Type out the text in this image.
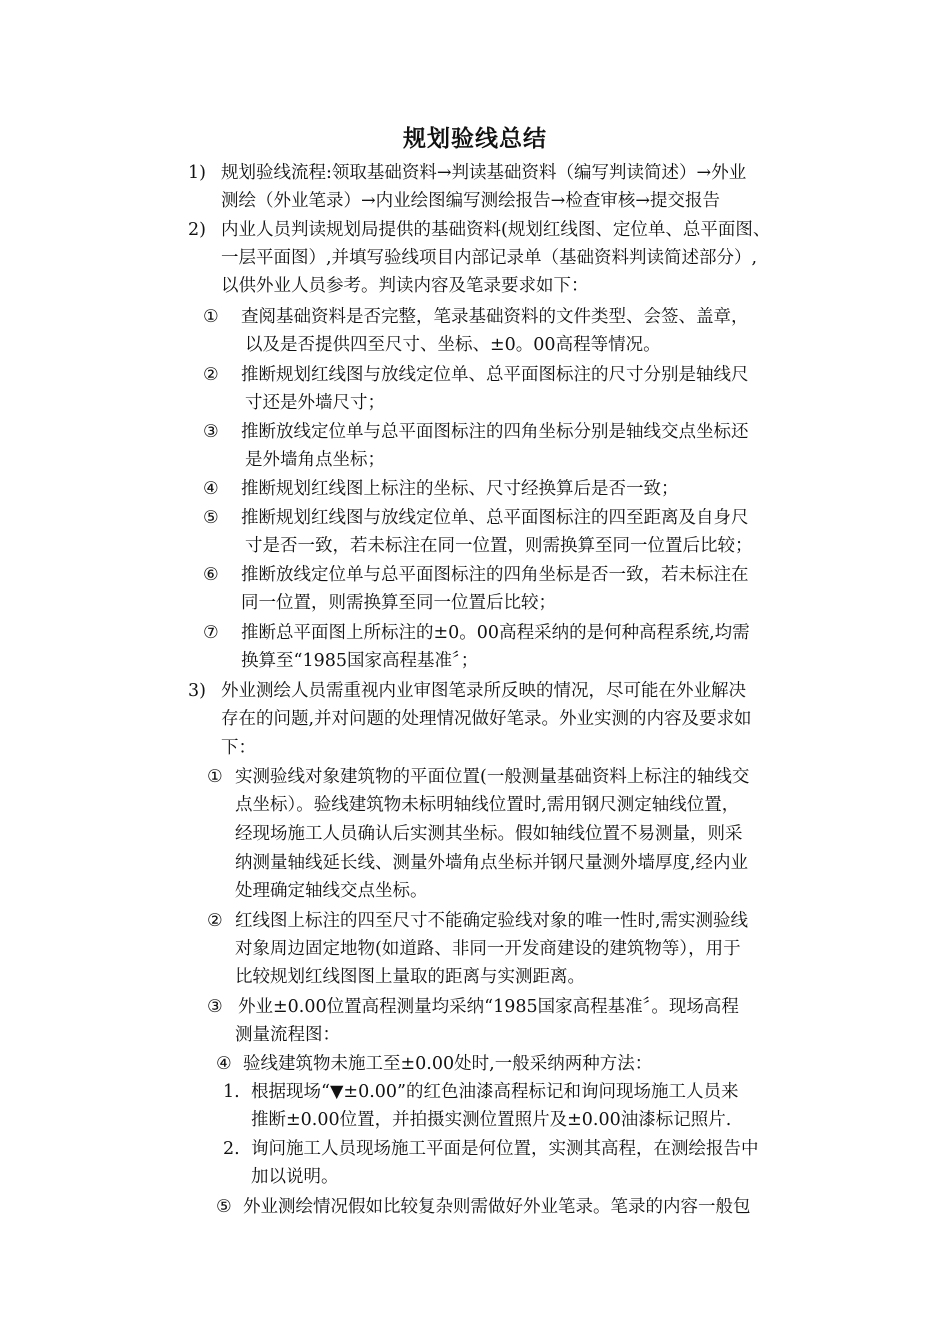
规划验线总结
1) 规划验线流程:领取基础资料→判读基础资料（编写判读简述）→外业
测绘（外业笔录）→内业绘图编写测绘报告→检查审核→提交报告
2) 内业人员判读规划局提供的基础资料(规划红线图、定位单、总平面图、
一层平面图）,并填写验线项目内部记录单（基础资料判读简述部分）,
以供外业人员参考。判读内容及笔录要求如下：
① 查阅基础资料是否完整，笔录基础资料的文件类型、会签、盖章，
以及是否提供四至尺寸、坐标、±0。00高程等情况。
② 推断规划红线图与放线定位单、总平面图标注的尺寸分别是轴线尺
寸还是外墙尺寸；
③ 推断放线定位单与总平面图标注的四角坐标分别是轴线交点坐标还
是外墙角点坐标；
④ 推断规划红线图上标注的坐标、尺寸经换算后是否一致；
⑤ 推断规划红线图与放线定位单、总平面图标注的四至距离及自身尺
寸是否一致，若未标注在同一位置，则需换算至同一位置后比较；
⑥ 推断放线定位单与总平面图标注的四角坐标是否一致，若未标注在
同一位置，则需换算至同一位置后比较；
⑦ 推断总平面图上所标注的±0。00高程采纳的是何种高程系统,均需
换算至“1985国家高程基准〞；
3) 外业测绘人员需重视内业审图笔录所反映的情况，尽可能在外业解决
存在的问题,并对问题的处理情况做好笔录。外业实测的内容及要求如
下：
① 实测验线对象建筑物的平面位置(一般测量基础资料上标注的轴线交
点坐标）。验线建筑物未标明轴线位置时,需用钢尺测定轴线位置，
经现场施工人员确认后实测其坐标。假如轴线位置不易测量，则采
纳测量轴线延长线、测量外墙角点坐标并钢尺量测外墙厚度,经内业
处理确定轴线交点坐标。
② 红线图上标注的四至尺寸不能确定验线对象的唯一性时,需实测验线
对象周边固定地物(如道路、非同一开发商建设的建筑物等），用于
比较规划红线图图上量取的距离与实测距离。
③ 外业±0.00位置高程测量均采纳“1985国家高程基准〞。现场高程
测量流程图：
④ 验线建筑物未施工至±0.00处时,一般采纳两种方法：
1. 根据现场“▼±0.00”的红色油漆高程标记和询问现场施工人员来
推断±0.00位置，并拍摄实测位置照片及±0.00油漆标记照片.
2. 询问施工人员现场施工平面是何位置，实测其高程，在测绘报告中
加以说明。
⑤ 外业测绘情况假如比较复杂则需做好外业笔录。笔录的内容一般包
